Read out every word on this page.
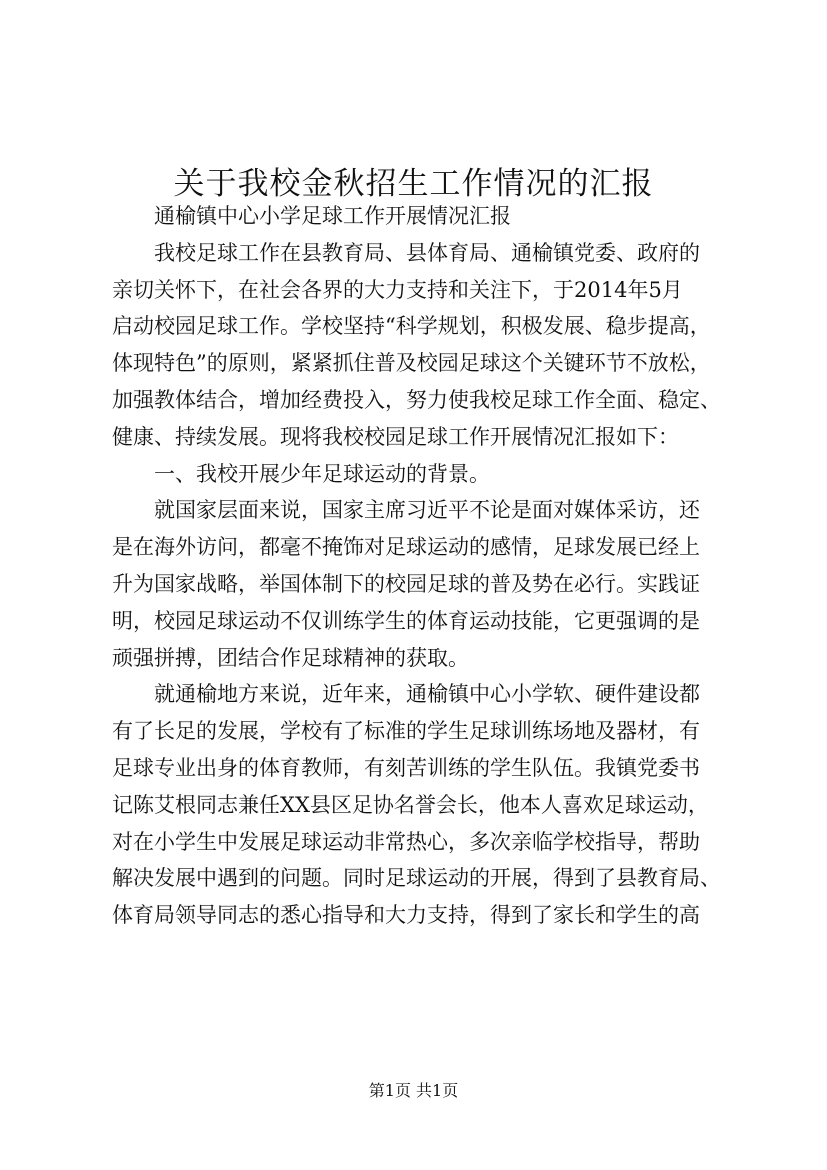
关于我校金秋招生工作情况的汇报
通榆镇中心小学足球工作开展情况汇报
我校足球工作在县教育局、县体育局、通榆镇党委、政府的
亲切关怀下，在社会各界的大力支持和关注下，于2014年5月
启动校园足球工作。学校坚持“科学规划，积极发展、稳步提高，
体现特色”的原则，紧紧抓住普及校园足球这个关键环节不放松，
加强教体结合，增加经费投入，努力使我校足球工作全面、稳定、
健康、持续发展。现将我校校园足球工作开展情况汇报如下：
一、我校开展少年足球运动的背景。
就国家层面来说，国家主席习近平不论是面对媒体采访，还
是在海外访问，都毫不掩饰对足球运动的感情，足球发展已经上
升为国家战略，举国体制下的校园足球的普及势在必行。实践证
明，校园足球运动不仅训练学生的体育运动技能，它更强调的是
顽强拼搏，团结合作足球精神的获取。
就通榆地方来说，近年来，通榆镇中心小学软、硬件建设都
有了长足的发展，学校有了标准的学生足球训练场地及器材，有
足球专业出身的体育教师，有刻苦训练的学生队伍。我镇党委书
记陈艾根同志兼任XX县区足协名誉会长，他本人喜欢足球运动，
对在小学生中发展足球运动非常热心，多次亲临学校指导，帮助
解决发展中遇到的问题。同时足球运动的开展，得到了县教育局、
体育局领导同志的悉心指导和大力支持，得到了家长和学生的高
第1页 共1页
